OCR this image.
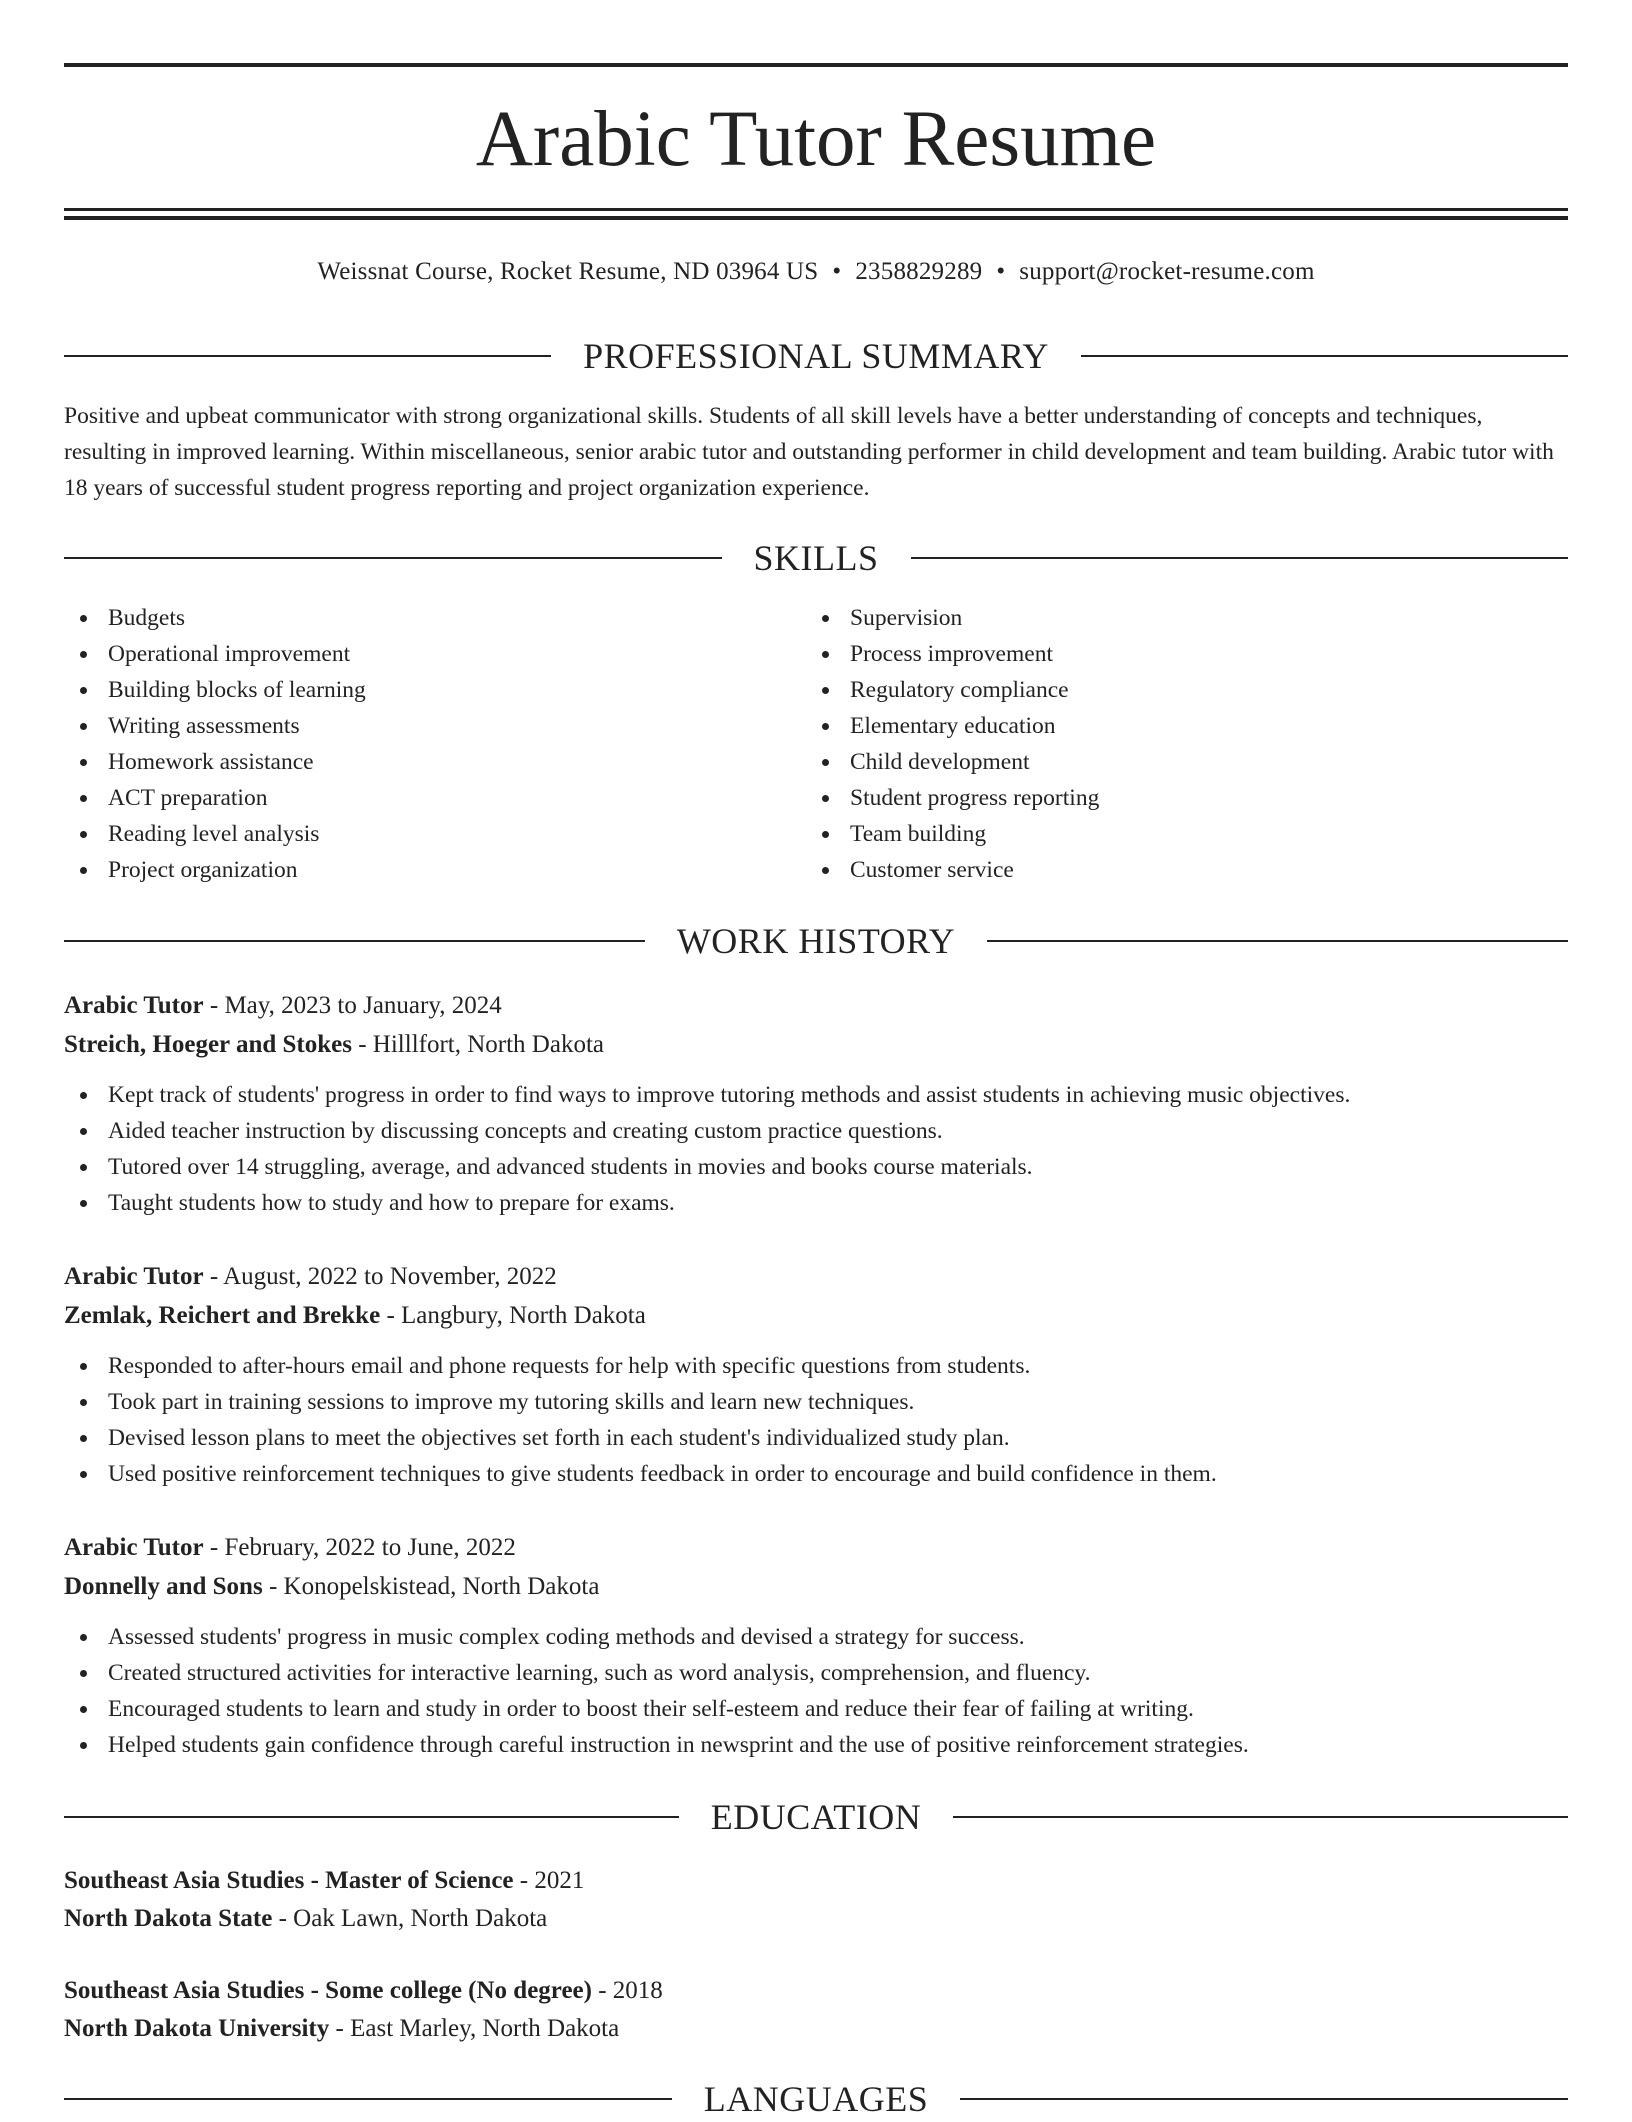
Arabic Tutor Resume
Weissnat Course, Rocket Resume, ND 03964 US • 2358829289 • support@rocket-resume.com
PROFESSIONAL SUMMARY

Positive and upbeat communicator with strong organizational skills. Students of all skill levels have a better understanding of concepts and techniques, resulting in improved learning. Within miscellaneous, senior arabic tutor and outstanding performer in child development and team building. Arabic tutor with 18 years of successful student progress reporting and project organization experience.

SKILLS
Budgets
Operational improvement
Building blocks of learning
Writing assessments
Homework assistance
ACT preparation
Reading level analysis
Project organization
Supervision
Process improvement
Regulatory compliance
Elementary education
Child development
Student progress reporting
Team building
Customer service
WORK HISTORY
Arabic Tutor - May, 2023 to January, 2024
Streich, Hoeger and Stokes - Hilllfort, North Dakota
Kept track of students' progress in order to find ways to improve tutoring methods and assist students in achieving music objectives.
Aided teacher instruction by discussing concepts and creating custom practice questions.
Tutored over 14 struggling, average, and advanced students in movies and books course materials.
Taught students how to study and how to prepare for exams.
Arabic Tutor - August, 2022 to November, 2022
Zemlak, Reichert and Brekke - Langbury, North Dakota
Responded to after-hours email and phone requests for help with specific questions from students.
Took part in training sessions to improve my tutoring skills and learn new techniques.
Devised lesson plans to meet the objectives set forth in each student's individualized study plan.
Used positive reinforcement techniques to give students feedback in order to encourage and build confidence in them.
Arabic Tutor - February, 2022 to June, 2022
Donnelly and Sons - Konopelskistead, North Dakota
Assessed students' progress in music complex coding methods and devised a strategy for success.
Created structured activities for interactive learning, such as word analysis, comprehension, and fluency.
Encouraged students to learn and study in order to boost their self-esteem and reduce their fear of failing at writing.
Helped students gain confidence through careful instruction in newsprint and the use of positive reinforcement strategies.
EDUCATION
Southeast Asia Studies - Master of Science - 2021
North Dakota State - Oak Lawn, North Dakota
Southeast Asia Studies - Some college (No degree) - 2018
North Dakota University - East Marley, North Dakota
LANGUAGES
